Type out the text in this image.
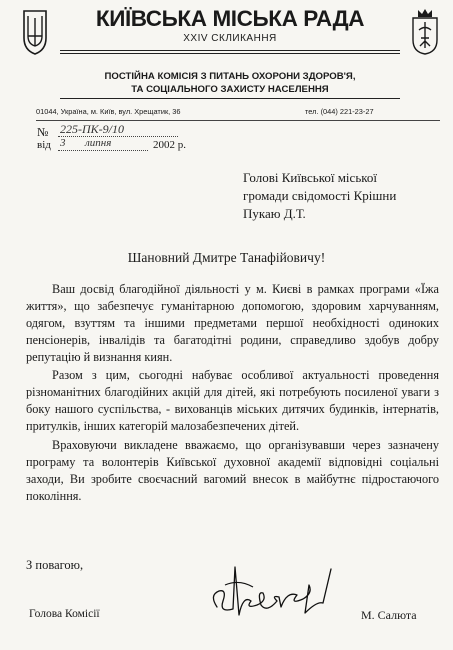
КИЇВСЬКА МІСЬКА РАДА
XXIV СКЛИКАННЯ
ПОСТІЙНА КОМІСІЯ З ПИТАНЬ ОХОРОНИ ЗДОРОВ'Я,
ТА СОЦІАЛЬНОГО ЗАХИСТУ НАСЕЛЕННЯ
01044, Україна, м. Київ, вул. Хрещатик, 36	тел. (044) 221-23-27
№ 225-ПК-9/10
від 3 липня	2002 р.
Голові Київської міської
громади свідомості Крішни
Пукаю Д.Т.
Шановний Дмитре Танафійовичу!

Ваш досвід благодійної діяльності у м. Києві в рамках програми «Їжа життя», що забезпечує гуманітарною допомогою, здоровим харчуванням, одягом, взуттям та іншими предметами першої необхідності одиноких пенсіонерів, інвалідів та багатодітні родини, справедливо здобув добру репутацію й визнання киян.

Разом з цим, сьогодні набуває особливої актуальності проведення різноманітних благодійних акцій для дітей, які потребують посиленої уваги з боку нашого суспільства, - вихованців міських дитячих будинків, інтернатів, притулків, інших категорій малозабезпечених дітей.

Враховуючи викладене вважаємо, що організувавши через зазначену програму та волонтерів Київської духовної академії відповідні соціальні заходи, Ви зробите своєчасний вагомий внесок в майбутнє підростаючого покоління.

З повагою,
Голова Комісії	М. Салюта
